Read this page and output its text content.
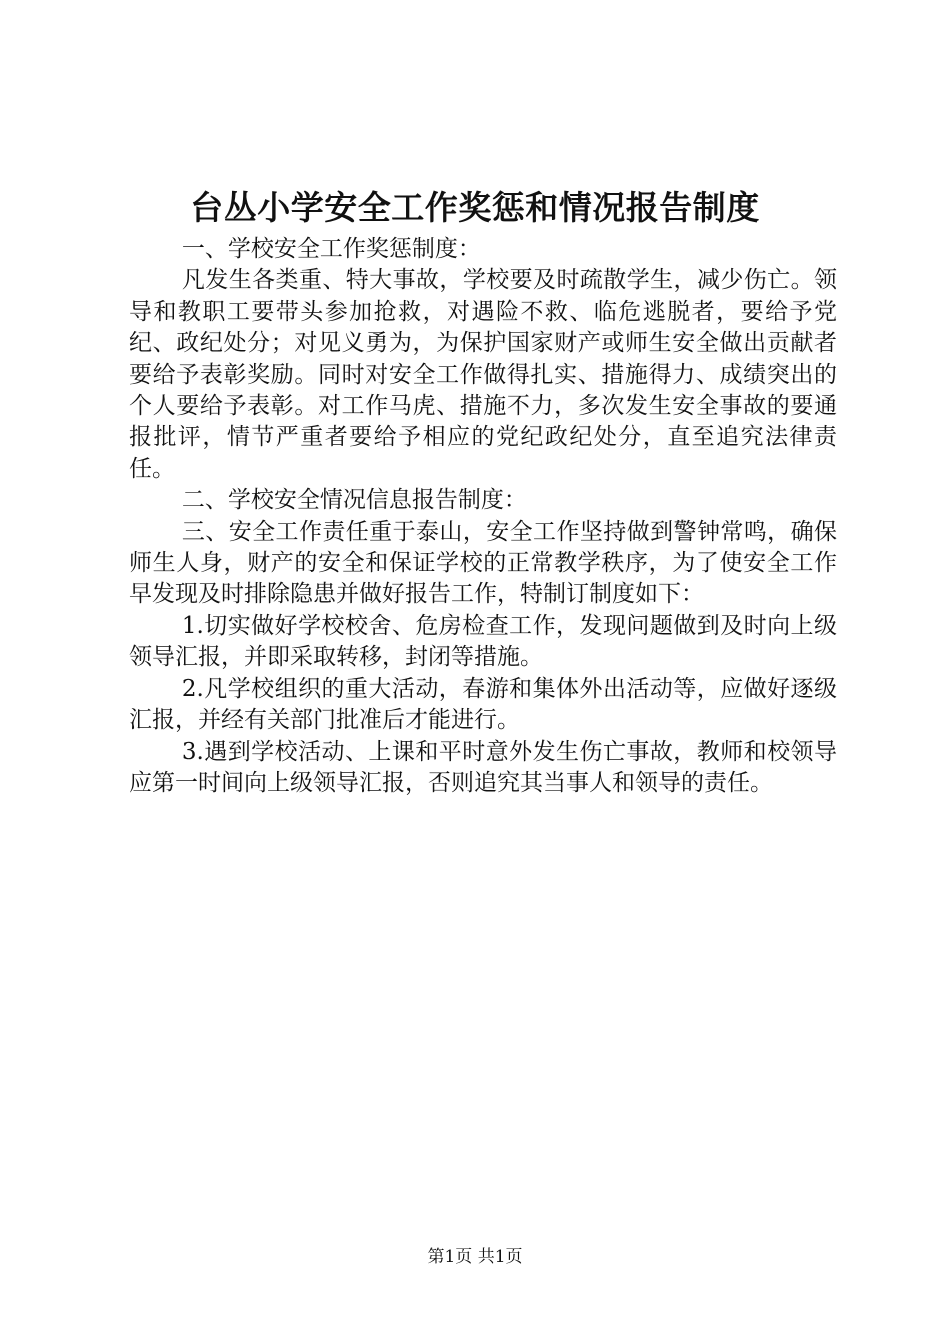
台丛小学安全工作奖惩和情况报告制度

一、学校安全工作奖惩制度：

凡发生各类重、特大事故，学校要及时疏散学生，减少伤亡。领导和教职工要带头参加抢救，对遇险不救、临危逃脱者，要给予党纪、政纪处分；对见义勇为，为保护国家财产或师生安全做出贡献者要给予表彰奖励。同时对安全工作做得扎实、措施得力、成绩突出的个人要给予表彰。对工作马虎、措施不力，多次发生安全事故的要通报批评，情节严重者要给予相应的党纪政纪处分，直至追究法律责任。

二、学校安全情况信息报告制度：

三、安全工作责任重于泰山，安全工作坚持做到警钟常鸣，确保师生人身，财产的安全和保证学校的正常教学秩序，为了使安全工作早发现及时排除隐患并做好报告工作，特制订制度如下：

1.切实做好学校校舍、危房检查工作，发现问题做到及时向上级领导汇报，并即采取转移，封闭等措施。

2.凡学校组织的重大活动，春游和集体外出活动等，应做好逐级汇报，并经有关部门批准后才能进行。

3.遇到学校活动、上课和平时意外发生伤亡事故，教师和校领导应第一时间向上级领导汇报，否则追究其当事人和领导的责任。

第1页 共1页
